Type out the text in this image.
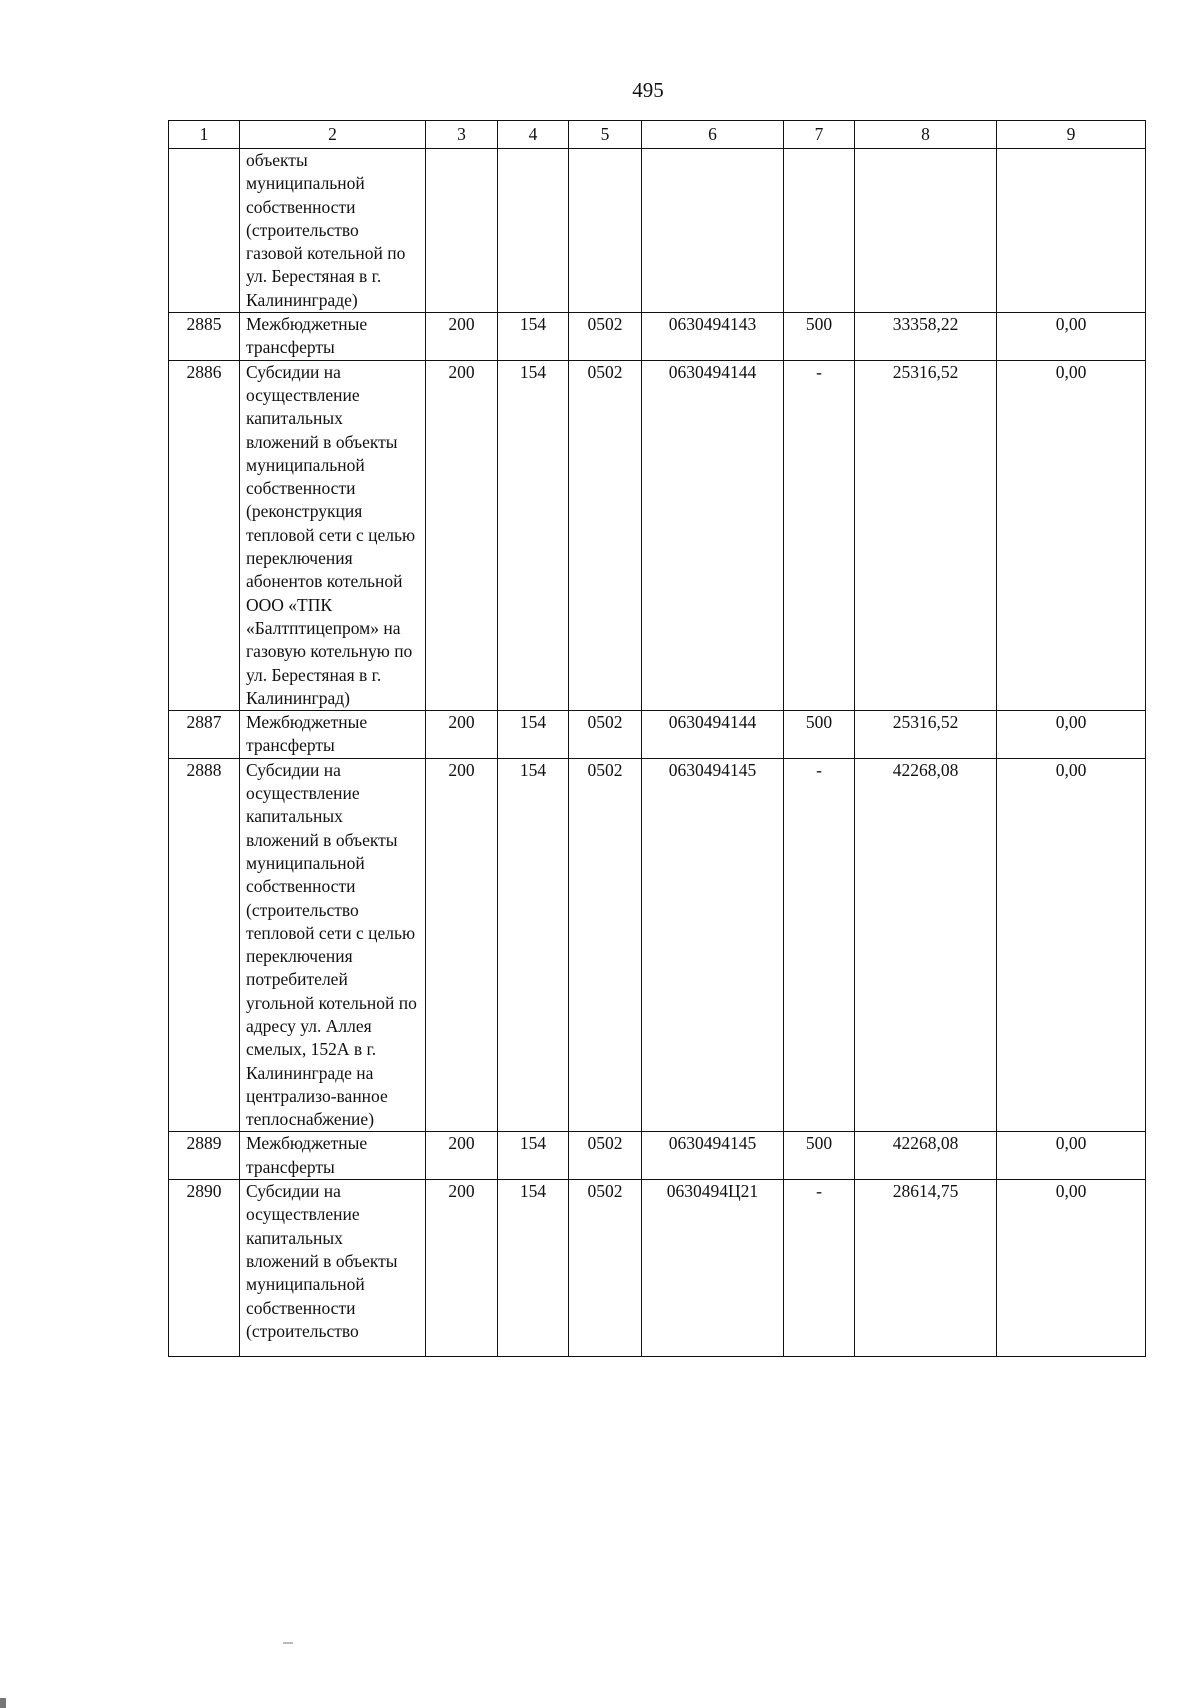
495
1	2	3	4	5	6	7	8	9
	объекты муниципальной собственности (строительство газовой котельной по ул. Берестяная в г. Калининграде)							
2885	Межбюджетные трансферты	200	154	0502	0630494143	500	33358,22	0,00
2886	Субсидии на осуществление капитальных вложений в объекты муниципальной собственности (реконструкция тепловой сети с целью переключения абонентов котельной ООО «ТПК «Балтптицепром» на газовую котельную по ул. Берестяная в г. Калининград)	200	154	0502	0630494144	-	25316,52	0,00
2887	Межбюджетные трансферты	200	154	0502	0630494144	500	25316,52	0,00
2888	Субсидии на осуществление капитальных вложений в объекты муниципальной собственности (строительство тепловой сети с целью переключения потребителей угольной котельной по адресу ул. Аллея смелых, 152А в г. Калининграде на централизо-ванное теплоснабжение)	200	154	0502	0630494145	-	42268,08	0,00
2889	Межбюджетные трансферты	200	154	0502	0630494145	500	42268,08	0,00
2890	Субсидии на осуществление капитальных вложений в объекты муниципальной собственности (строительство	200	154	0502	0630494Ц21	-	28614,75	0,00
